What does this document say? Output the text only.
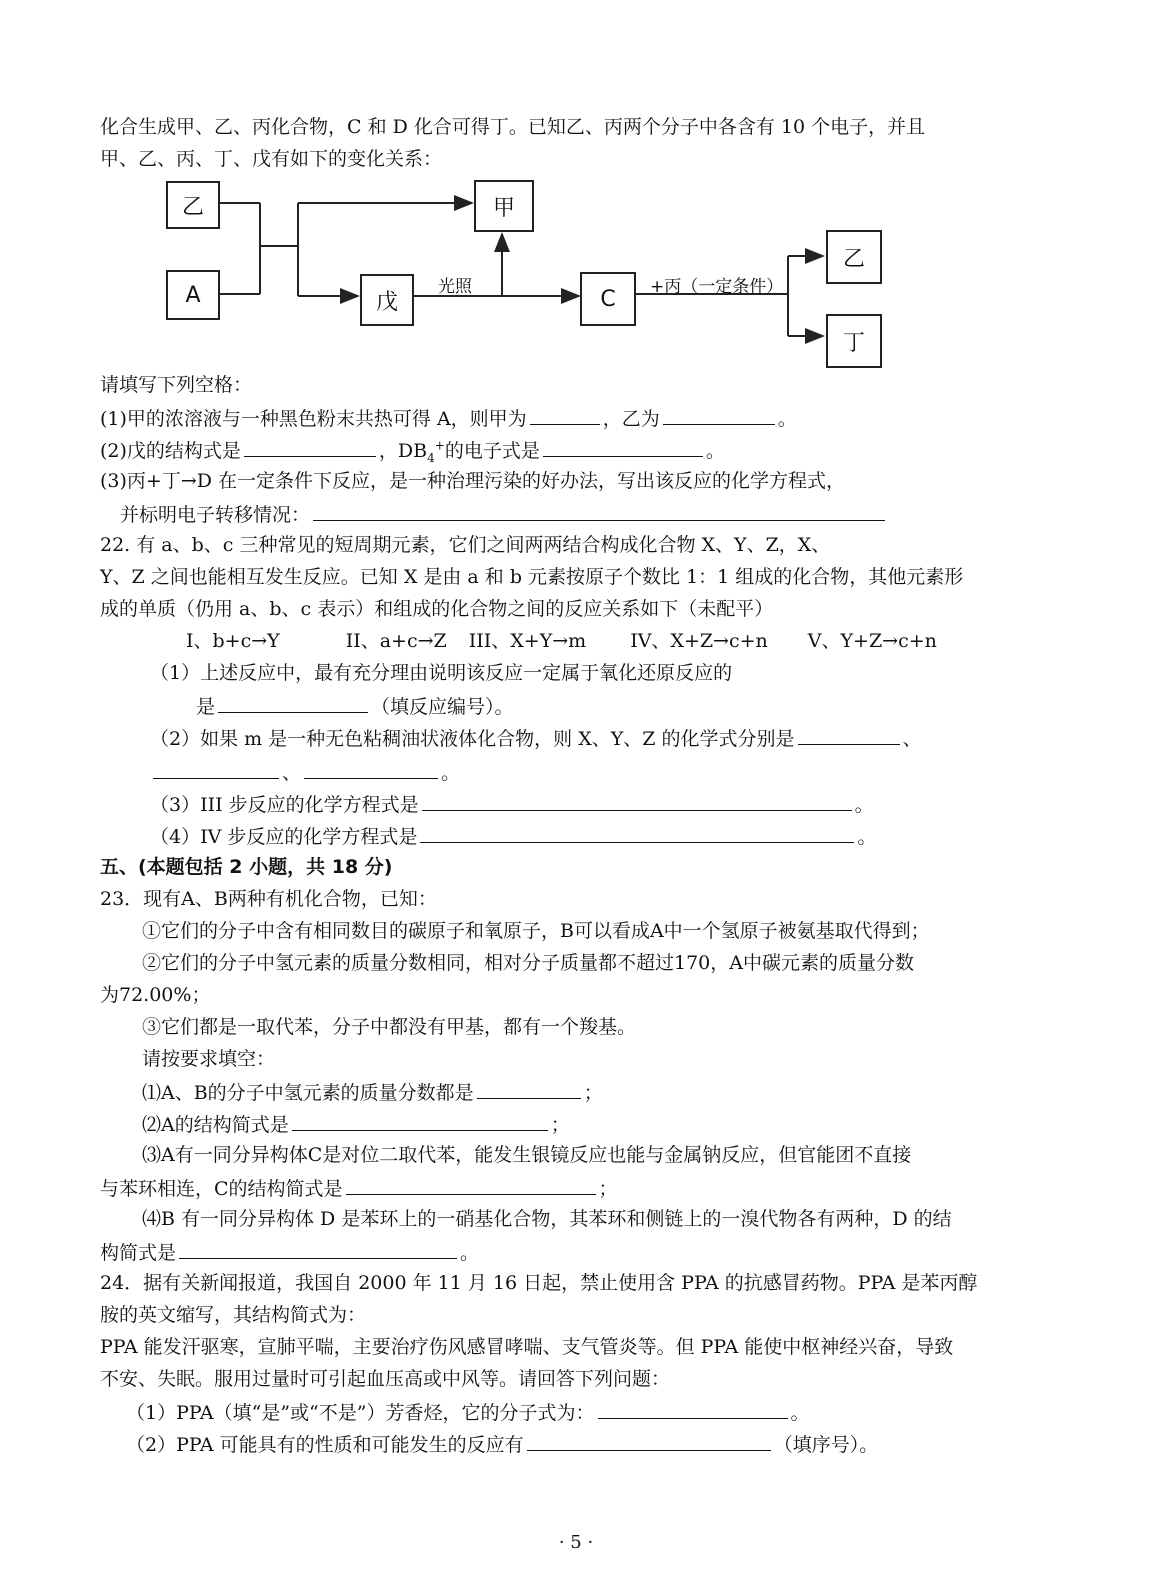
化合生成甲、乙、丙化合物，C 和 D 化合可得丁。已知乙、丙两个分子中各含有 10 个电子，并且
甲、乙、丙、丁、戊有如下的变化关系：
乙
A
甲
戊	C
乙
丁
光照	+丙（一定条件）
请填写下列空格：
(1)甲的浓溶液与一种黑色粉末共热可得 A，则甲为	，乙为	。
(2)戊的结构式是	，$DB_4^+$的电子式是	。
(3)丙+丁→D 在一定条件下反应，是一种治理污染的好办法，写出该反应的化学方程式，
并标明电子转移情况：
22. 有 a、b、c 三种常见的短周期元素，它们之间两两结合构成化合物 X、Y、Z，X、
Y、Z 之间也能相互发生反应。已知 X 是由 a 和 b 元素按原子个数比 1：1 组成的化合物，其他元素形
成的单质（仍用 a、b、c 表示）和组成的化合物之间的反应关系如下（未配平）
I、b+c→Y	II、a+c→Z III、X+Y→m IV、X+Z→c+n V、Y+Z→c+n
（1）上述反应中，最有充分理由说明该反应一定属于氧化还原反应的
是	（填反应编号）。
（2）如果 m 是一种无色粘稠油状液体化合物，则 X、Y、Z 的化学式分别是	、
、	。
（3）III 步反应的化学方程式是	。
（4）IV 步反应的化学方程式是	。
五、(本题包括 2 小题，共 18 分)
23．现有A、B两种有机化合物，已知：
①它们的分子中含有相同数目的碳原子和氧原子，B可以看成A中一个氢原子被氨基取代得到；
②它们的分子中氢元素的质量分数相同，相对分子质量都不超过170，A中碳元素的质量分数
为72.00%；
③它们都是一取代苯，分子中都没有甲基，都有一个羧基。
请按要求填空：
⑴A、B的分子中氢元素的质量分数都是	；
⑵A的结构简式是	；
⑶A有一同分异构体C是对位二取代苯，能发生银镜反应也能与金属钠反应，但官能团不直接
与苯环相连，C的结构简式是	；
⑷B 有一同分异构体 D 是苯环上的一硝基化合物，其苯环和侧链上的一溴代物各有两种，D 的结
构简式是	。
24．据有关新闻报道，我国自 2000 年 11 月 16 日起，禁止使用含 PPA 的抗感冒药物。PPA 是苯丙醇
胺的英文缩写，其结构简式为：
PPA 能发汗驱寒，宣肺平喘，主要治疗伤风感冒哮喘、支气管炎等。但 PPA 能使中枢神经兴奋，导致
不安、失眠。服用过量时可引起血压高或中风等。请回答下列问题：
（1）PPA（填“是”或“不是”）芳香烃，它的分子式为：	。
（2）PPA 可能具有的性质和可能发生的反应有	（填序号）。
· 5 ·
